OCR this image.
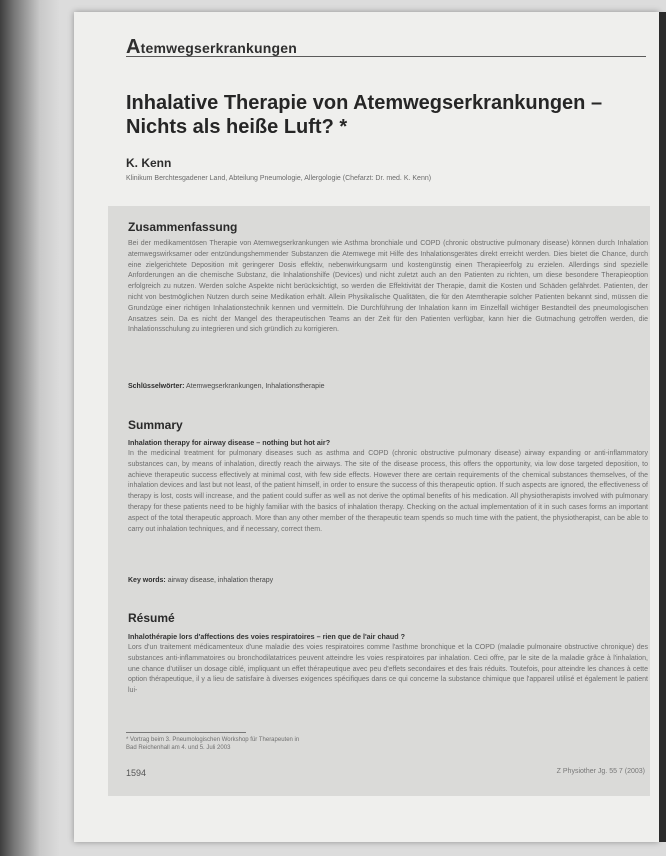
Atemwegserkrankungen
Inhalative Therapie von Atemwegserkrankungen – Nichts als heiße Luft? *
K. Kenn
Klinikum Berchtesgadener Land, Abteilung Pneumologie, Allergologie (Chefarzt: Dr. med. K. Kenn)
Zusammenfassung
Bei der medikamentösen Therapie von Atemwegserkrankungen wie Asthma bronchiale und COPD (chronic obstructive pulmonary disease) können durch Inhalation atemwegswirksamer oder entzündungshemmender Substanzen die Atemwege mit Hilfe des Inhalationsgerätes direkt erreicht werden. Dies bietet die Chance, durch eine zielgerichtete Deposition mit geringerer Dosis effektiv, nebenwirkungsarm und kostengünstig einen Therapieerfolg zu erzielen. Allerdings sind spezielle Anforderungen an die chemische Substanz, die Inhalationshilfe (Devices) und nicht zuletzt auch an den Patienten zu richten, um diese besondere Therapieoption erfolgreich zu nutzen. Werden solche Aspekte nicht berücksichtigt, so werden die Effektivität der Therapie, damit die Kosten und Schäden gefährdet. Patienten, der nicht von bestmöglichen Nutzen durch seine Medikation erhält. Allein Physikalische Qualitäten, die für den Atemtherapie solcher Patienten bekannt sind, müssen die Grundzüge einer richtigen Inhalationstechnik kennen und vermitteln. Die Durchführung der Inhalation kann im Einzelfall wichtiger Bestandteil des pneumologischen Ansatzes sein. Da es nicht der Mangel des therapeutischen Teams an der Zeit für den Patienten verfügbar, kann hier die Gutmachung getroffen werden, die Inhalationsschulung zu integrieren und sich gründlich zu korrigieren.
Schlüsselwörter: Atemwegserkrankungen, Inhalationstherapie
Summary
Inhalation therapy for airway disease – nothing but hot air?
In the medicinal treatment for pulmonary diseases such as asthma and COPD (chronic obstructive pulmonary disease) airway expanding or anti-inflammatory substances can, by means of inhalation, directly reach the airways. The site of the disease process, this offers the opportunity, via low dose targeted deposition, to achieve therapeutic success effectively at minimal cost, with few side effects. However there are certain requirements of the chemical substances themselves, of the inhalation devices and last but not least, of the patient himself, in order to ensure the success of this therapeutic option. If such aspects are ignored, the effectiveness of therapy is lost, costs will increase, and the patient could suffer as well as not derive the optimal benefits of his medication. All physiotherapists involved with pulmonary therapy for these patients need to be highly familiar with the basics of inhalation therapy. Checking on the actual implementation of it in such cases forms an important aspect of the total therapeutic approach. More than any other member of the therapeutic team spends so much time with the patient, the physiotherapist, can be able to carry out inhalation techniques, and if necessary, correct them.
Key words: airway disease, inhalation therapy
Résumé
Inhalothérapie lors d'affections des voies respiratoires – rien que de l'air chaud ?
Lors d'un traitement médicamenteux d'une maladie des voies respiratoires comme l'asthme bronchique et la COPD (maladie pulmonaire obstructive chronique) des substances anti-inflammatoires ou bronchodilatatrices peuvent atteindre les voies respiratoires par inhalation. Ceci offre, par le site de la maladie grâce à l'inhalation, une chance d'utiliser un dosage ciblé, impliquant un effet thérapeutique avec peu d'effets secondaires et des frais réduits. Toutefois, pour atteindre les chances à cette option thérapeutique, il y a lieu de satisfaire à diverses exigences spécifiques dans ce qui concerne la substance chimique que l'appareil utilisé et également le patient lui-
* Vortrag beim 3. Pneumologischen Workshop für Therapeuten in
Bad Reichenhall am 4. und 5. Juli 2003
1594	Z Physiother Jg. 55 7 (2003)
